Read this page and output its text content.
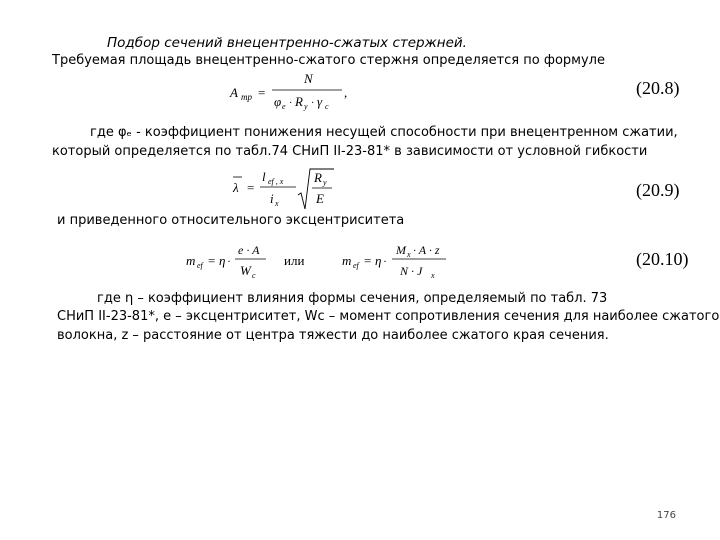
Подбор сечений внецентренно-сжатых стержней.
Требуемая площадь внецентренно-сжатого стержня определяется по формуле
A тр =
N
φ e · R y · γ c
,	(20.8)
где φₑ - коэффициент понижения несущей способности при внецентренном сжатии,
который определяется по табл.74 СНиП II-23-81* в зависимости от условной гибкости
λ =
l ef , x
i x
R y
E	(20.9)
и приведенного относительного эксцентриситета
m ef = η ·
e · A
W c
или	m ef = η ·
M x · A · z
N · J x
(20.10)
где η – коэффициент влияния формы сечения, определяемый по табл. 73
СНиП II-23-81*, e – эксцентриситет, Wc – момент сопротивления сечения для наиболее сжатого
волокна, z – расстояние от центра тяжести до наиболее сжатого края сечения.
176
